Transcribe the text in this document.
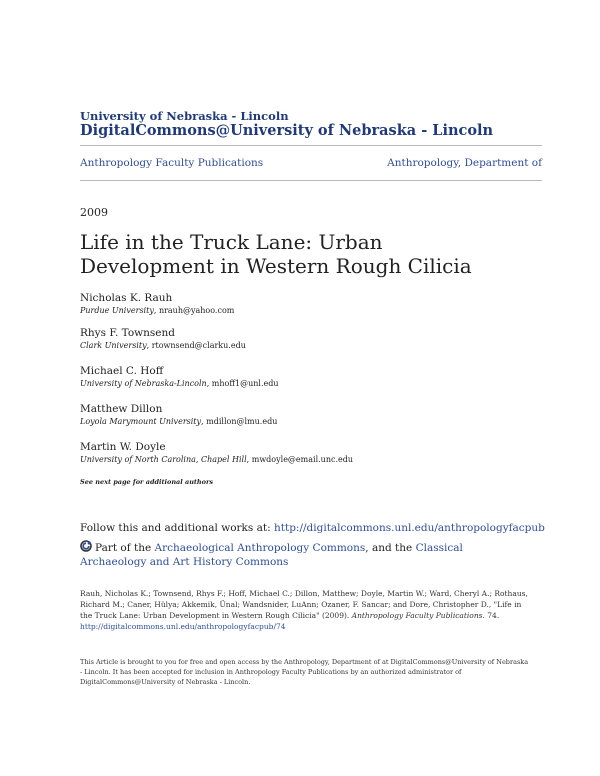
University of Nebraska - Lincoln
DigitalCommons@University of Nebraska - Lincoln
Anthropology Faculty Publications	Anthropology, Department of
2009
Life in the Truck Lane: Urban Development in Western Rough Cilicia
Nicholas K. Rauh
Purdue University, nrauh@yahoo.com
Rhys F. Townsend
Clark University, rtownsend@clarku.edu
Michael C. Hoff
University of Nebraska-Lincoln, mhoff1@unl.edu
Matthew Dillon
Loyola Marymount University, mdillon@lmu.edu
Martin W. Doyle
University of North Carolina, Chapel Hill, mwdoyle@email.unc.edu
See next page for additional authors
Follow this and additional works at: http://digitalcommons.unl.edu/anthropologyfacpub
Part of the Archaeological Anthropology Commons, and the Classical Archaeology and Art History Commons
Rauh, Nicholas K.; Townsend, Rhys F.; Hoff, Michael C.; Dillon, Matthew; Doyle, Martin W.; Ward, Cheryl A.; Rothaus, Richard M.; Caner, Hülya; Akkemik, Ünal; Wandsnider, LuAnn; Ozaner, F. Sancar; and Dore, Christopher D., "Life in the Truck Lane: Urban Development in Western Rough Cilicia" (2009). Anthropology Faculty Publications. 74.
http://digitalcommons.unl.edu/anthropologyfacpub/74
This Article is brought to you for free and open access by the Anthropology, Department of at DigitalCommons@University of Nebraska - Lincoln. It has been accepted for inclusion in Anthropology Faculty Publications by an authorized administrator of DigitalCommons@University of Nebraska - Lincoln.
